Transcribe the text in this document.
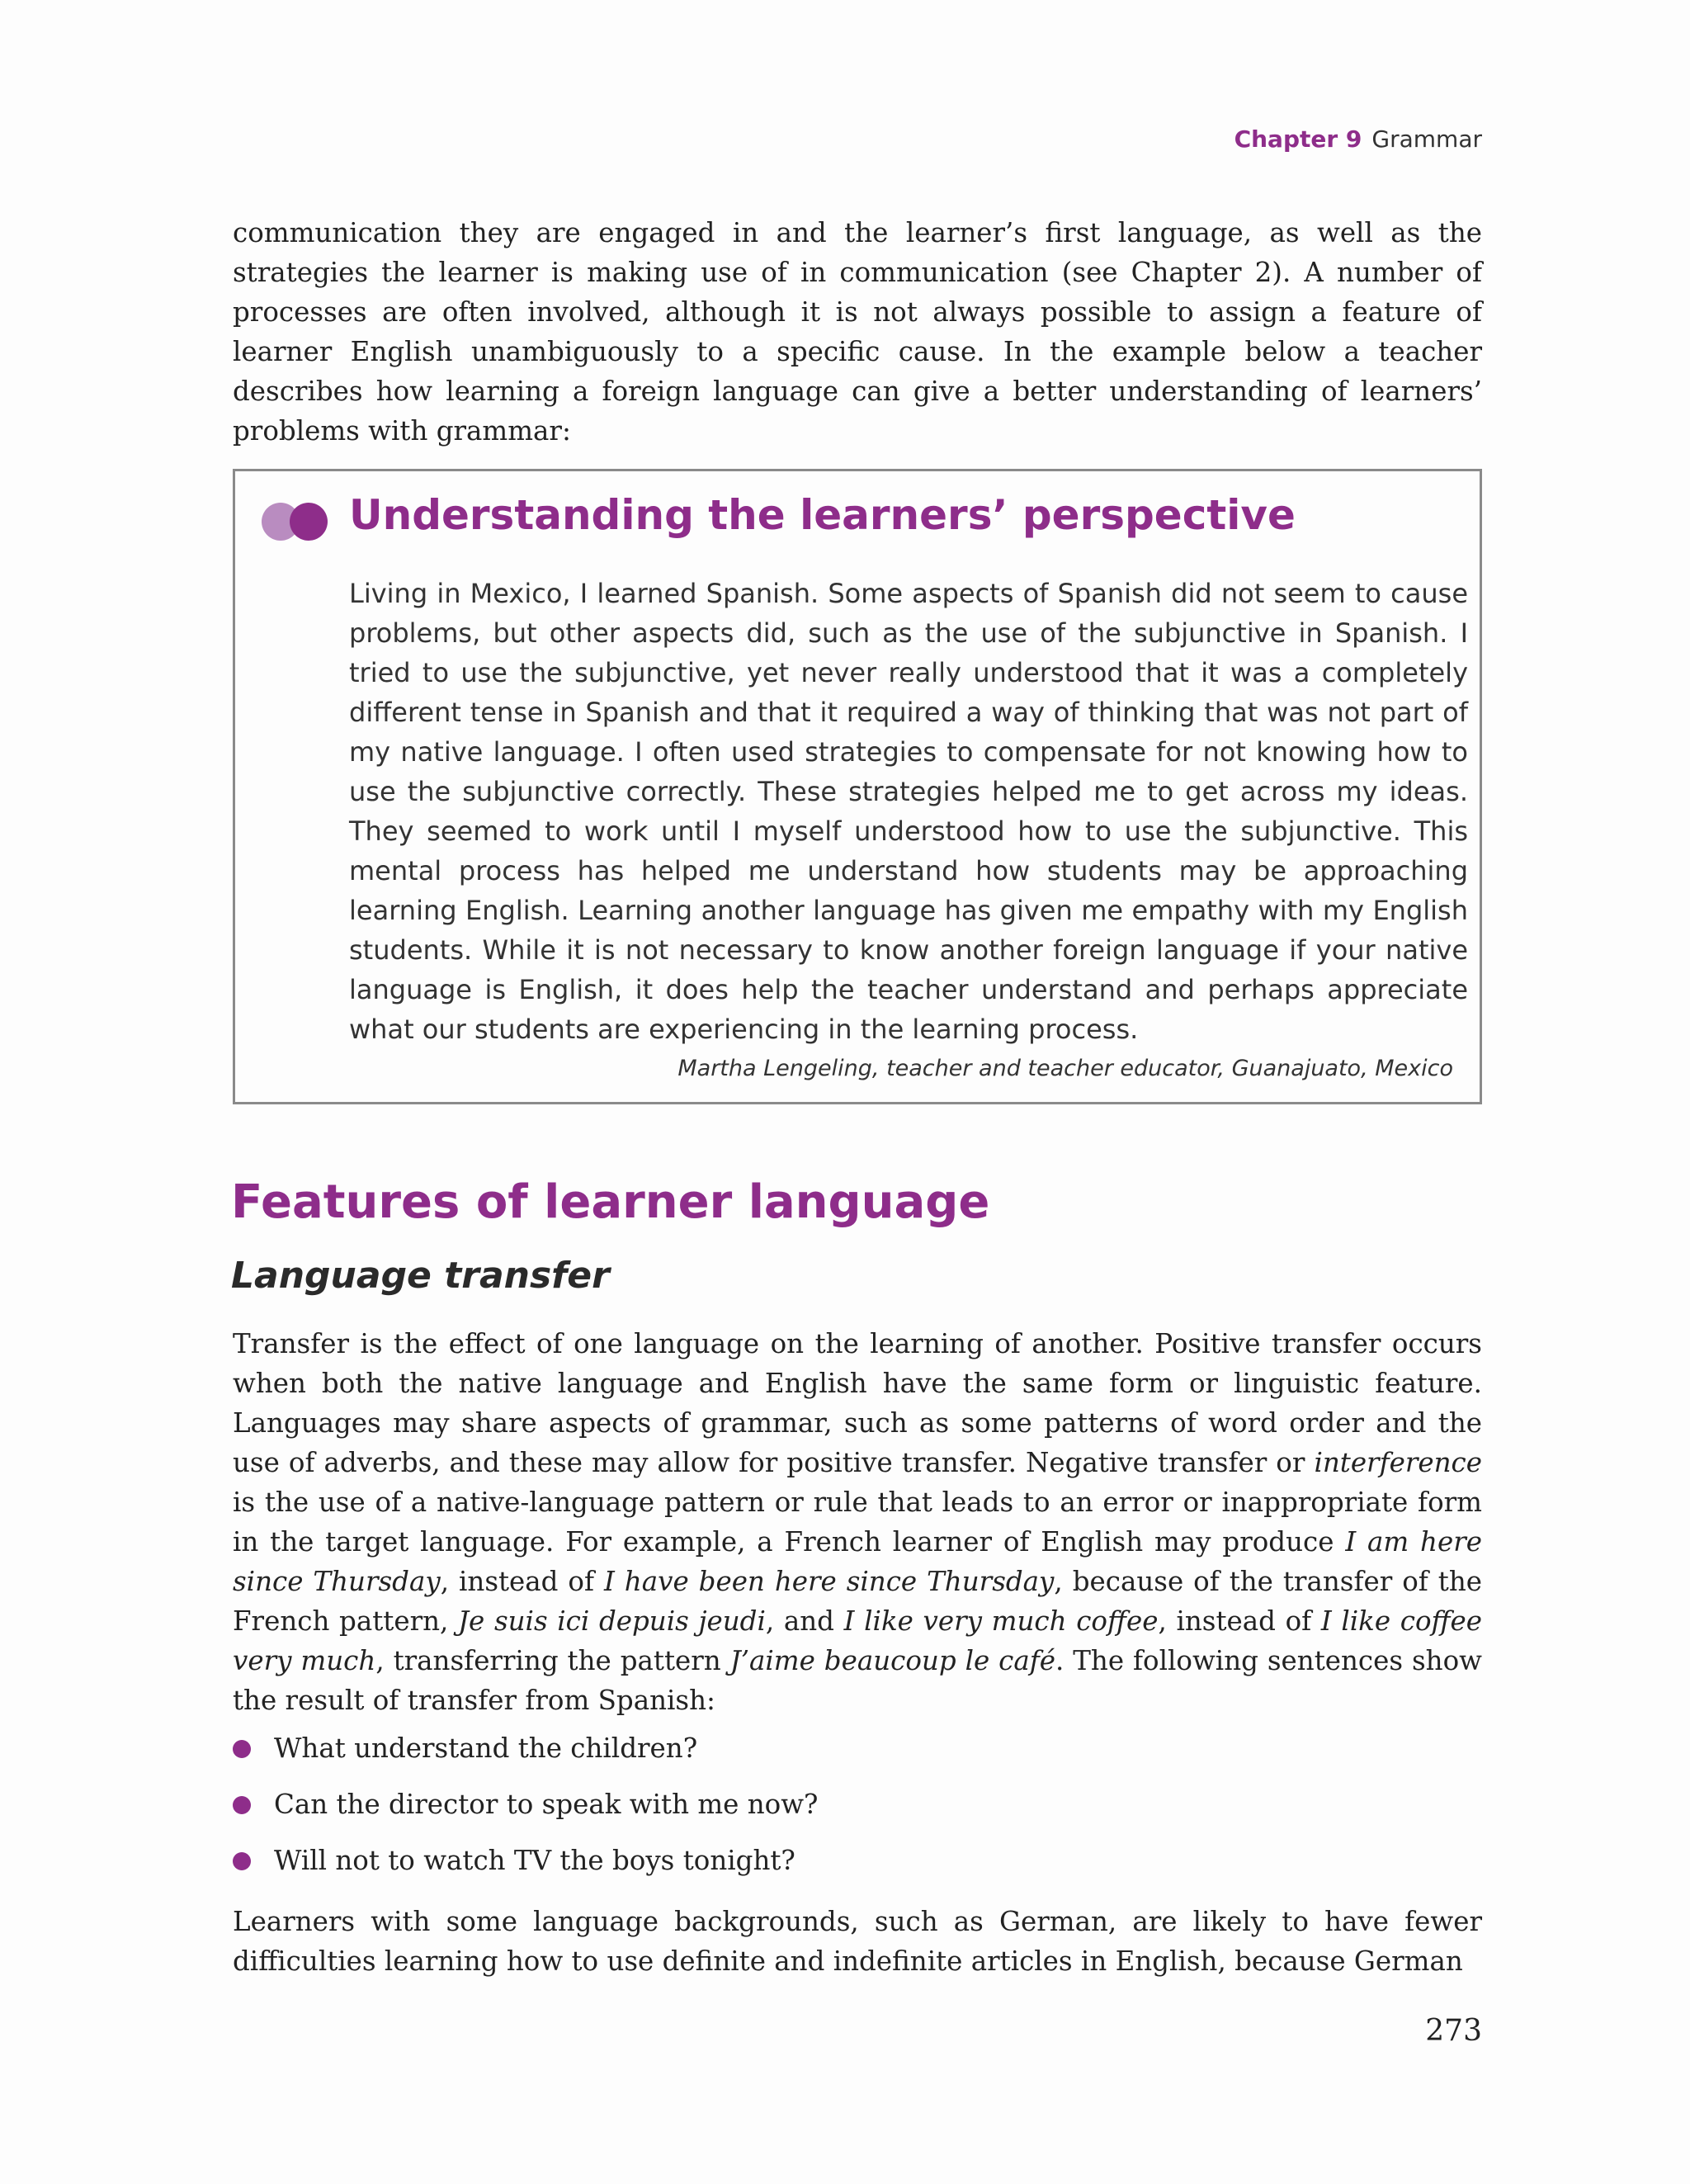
Chapter 9 Grammar

communication they are engaged in and the learner’s first language, as well as the strategies the learner is making use of in communication (see Chapter 2). A number of processes are often involved, although it is not always possible to assign a feature of learner English unambiguously to a specific cause. In the example below a teacher describes how learning a foreign language can give a better understanding of learners’ problems with grammar:

Understanding the learners’ perspective

Living in Mexico, I learned Spanish. Some aspects of Spanish did not seem to cause problems, but other aspects did, such as the use of the subjunctive in Spanish. I tried to use the subjunctive, yet never really understood that it was a completely different tense in Spanish and that it required a way of thinking that was not part of my native language. I often used strategies to compensate for not knowing how to use the subjunctive correctly. These strategies helped me to get across my ideas. They seemed to work until I myself understood how to use the subjunctive. This mental process has helped me understand how students may be approaching learning English. Learning another language has given me empathy with my English students. While it is not necessary to know another foreign language if your native language is English, it does help the teacher understand and perhaps appreciate what our students are experiencing in the learning process.

Martha Lengeling, teacher and teacher educator, Guanajuato, Mexico

Features of learner language
Language transfer

Transfer is the effect of one language on the learning of another. Positive transfer occurs when both the native language and English have the same form or linguistic feature. Languages may share aspects of grammar, such as some patterns of word order and the use of adverbs, and these may allow for positive transfer. Negative transfer or interference is the use of a native-language pattern or rule that leads to an error or inappropriate form in the target language. For example, a French learner of English may produce I am here since Thursday, instead of I have been here since Thursday, because of the transfer of the French pattern, Je suis ici depuis jeudi, and I like very much coffee, instead of I like coffee very much, transferring the pattern J’aime beaucoup le café. The following sentences show the result of transfer from Spanish:

What understand the children?
Can the director to speak with me now?
Will not to watch TV the boys tonight?

Learners with some language backgrounds, such as German, are likely to have fewer difficulties learning how to use definite and indefinite articles in English, because German

273
